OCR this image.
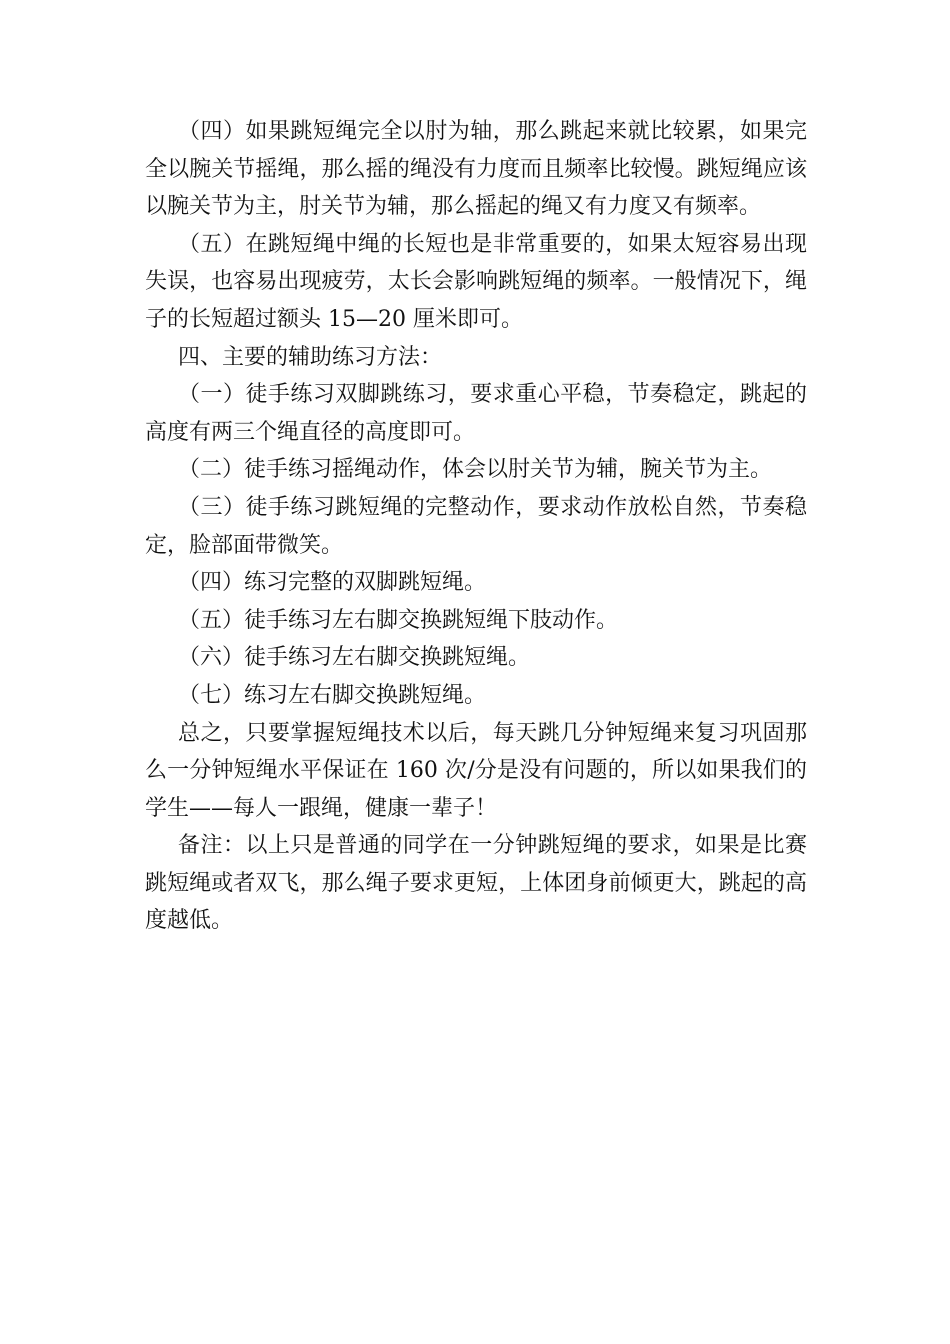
（四）如果跳短绳完全以肘为轴，那么跳起来就比较累，如果完全以腕关节摇绳，那么摇的绳没有力度而且频率比较慢。跳短绳应该以腕关节为主，肘关节为辅，那么摇起的绳又有力度又有频率。

（五）在跳短绳中绳的长短也是非常重要的，如果太短容易出现失误，也容易出现疲劳，太长会影响跳短绳的频率。一般情况下，绳子的长短超过额头 15—20 厘米即可。

四、主要的辅助练习方法：

（一）徒手练习双脚跳练习，要求重心平稳，节奏稳定，跳起的高度有两三个绳直径的高度即可。

（二）徒手练习摇绳动作，体会以肘关节为辅，腕关节为主。

（三）徒手练习跳短绳的完整动作，要求动作放松自然，节奏稳定，脸部面带微笑。

（四）练习完整的双脚跳短绳。

（五）徒手练习左右脚交换跳短绳下肢动作。

（六）徒手练习左右脚交换跳短绳。

（七）练习左右脚交换跳短绳。

总之，只要掌握短绳技术以后，每天跳几分钟短绳来复习巩固那么一分钟短绳水平保证在 160 次/分是没有问题的，所以如果我们的学生——每人一跟绳，健康一辈子！

备注：以上只是普通的同学在一分钟跳短绳的要求，如果是比赛跳短绳或者双飞，那么绳子要求更短，上体团身前倾更大，跳起的高度越低。
